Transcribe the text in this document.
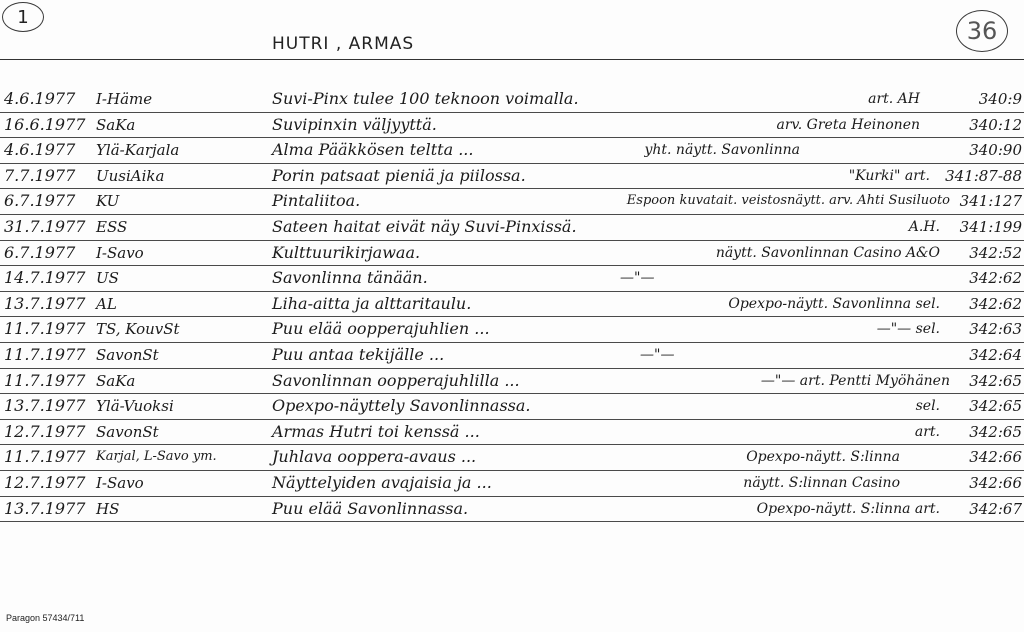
1	36
HUTRI , ARMAS
4.6.1977	I-Häme	Suvi-Pinx tulee 100 teknoon voimalla.	art. AH	340:9
16.6.1977 SaKa	Suvipinxin väljyyttä.	arv. Greta Heinonen	340:12
4.6.1977	Ylä-Karjala	Alma Pääkkösen teltta ...	yht. näytt. Savonlinna	340:90
7.7.1977	UusiAika	Porin patsaat pieniä ja piilossa.	"Kurki" art. 341:87-88
6.7.1977	KU	Pintaliitoa.	Espoon kuvatait. veistosnäytt. arv. Ahti Susiluoto 341:127
31.7.1977 ESS	Sateen haitat eivät näy Suvi-Pinxissä.	A.H. 341:199
6.7.1977	I-Savo	Kulttuurikirjawaa.	näytt. Savonlinnan Casino A&O 342:52
14.7.1977 US	Savonlinna tänään.	—"—	342:62
13.7.1977 AL	Liha-aitta ja alttaritaulu.	Opexpo-näytt. Savonlinna sel. 342:62
11.7.1977 TS, KouvSt	Puu elää oopperajuhlien ...	—"— sel. 342:63
11.7.1977 SavonSt	Puu antaa tekijälle ...	—"—	342:64
11.7.1977 SaKa	Savonlinnan oopperajuhlilla ...	—"— art. Pentti Myöhänen 342:65
13.7.1977 Ylä-Vuoksi	Opexpo-näyttely Savonlinnassa.	sel. 342:65
12.7.1977 SavonSt	Armas Hutri toi kenssä ...	art. 342:65
11.7.1977 Karjal, L-Savo ym.	Juhlava ooppera-avaus ...	Opexpo-näytt. S:linna	342:66
12.7.1977 I-Savo	Näyttelyiden avajaisia ja ...	näytt. S:linnan Casino	342:66
13.7.1977 HS	Puu elää Savonlinnassa.	Opexpo-näytt. S:linna art. 342:67
Paragon 57434/711
